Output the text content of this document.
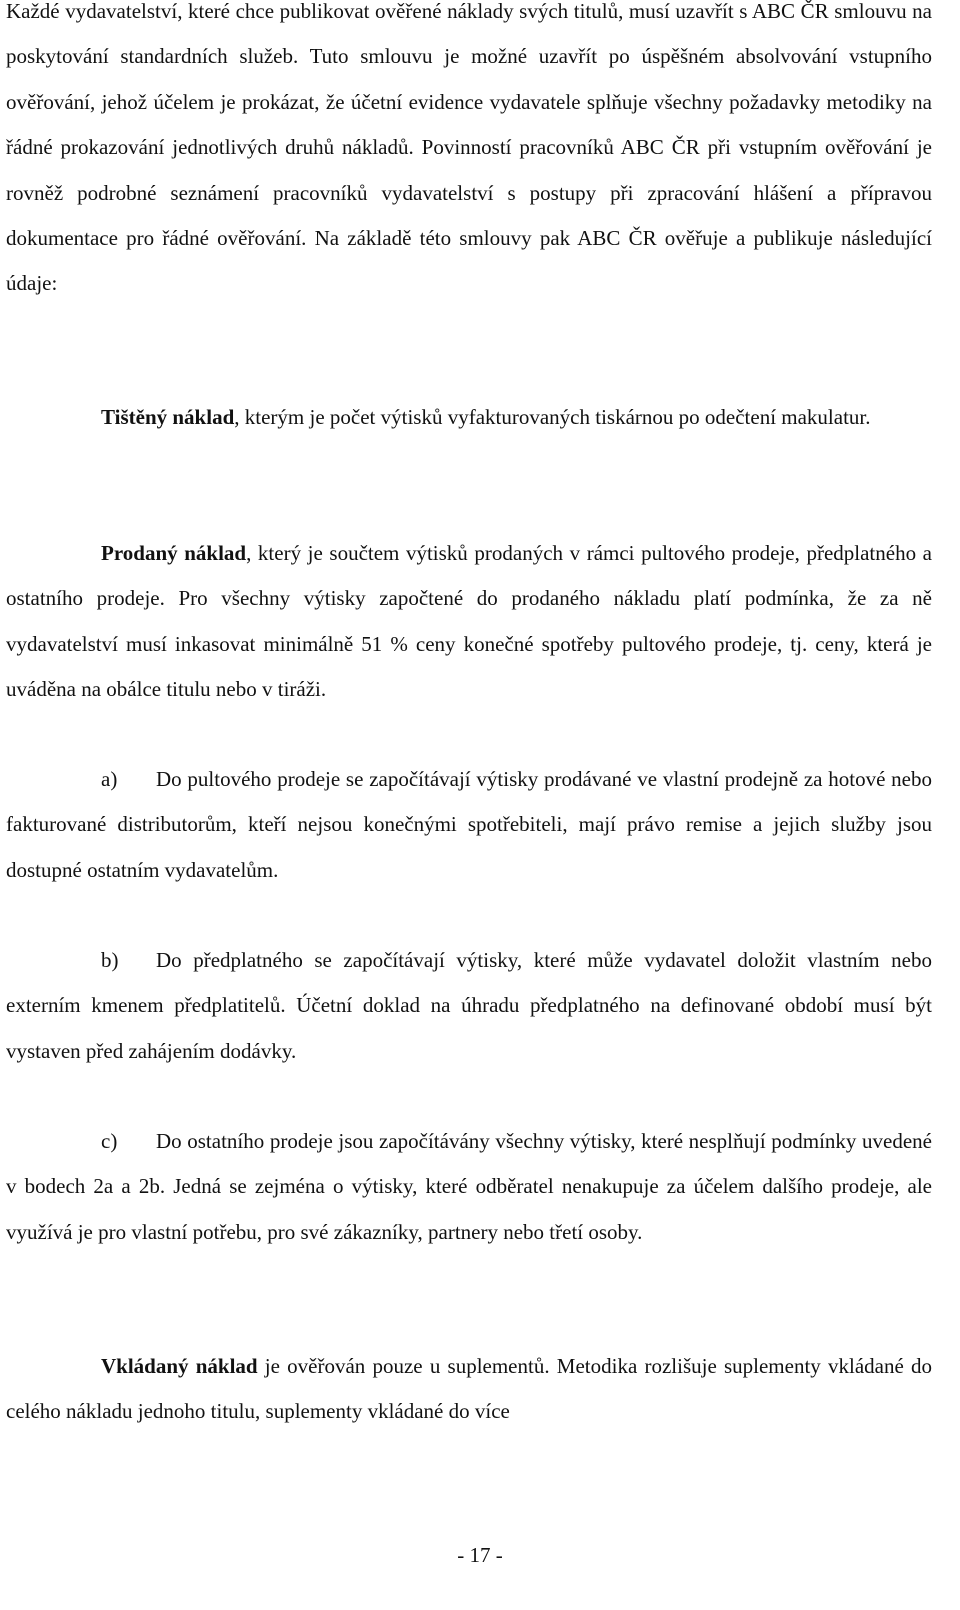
Každé vydavatelství, které chce publikovat ověřené náklady svých titulů, musí uzavřít s ABC ČR smlouvu na poskytování standardních služeb. Tuto smlouvu je možné uzavřít po úspěšném absolvování vstupního ověřování, jehož účelem je prokázat, že účetní evidence vydavatele splňuje všechny požadavky metodiky na řádné prokazování jednotlivých druhů nákladů. Povinností pracovníků ABC ČR při vstupním ověřování je rovněž podrobné seznámení pracovníků vydavatelství s postupy při zpracování hlášení a přípravou dokumentace pro řádné ověřování. Na základě této smlouvy pak ABC ČR ověřuje a publikuje následující údaje:

Tištěný náklad, kterým je počet výtisků vyfakturovaných tiskárnou po odečtení makulatur.

Prodaný náklad, který je součtem výtisků prodaných v rámci pultového prodeje, předplatného a ostatního prodeje. Pro všechny výtisky započtené do prodaného nákladu platí podmínka, že za ně vydavatelství musí inkasovat minimálně 51 % ceny konečné spotřeby pultového prodeje, tj. ceny, která je uváděna na obálce titulu nebo v tiráži.

a) Do pultového prodeje se započítávají výtisky prodávané ve vlastní prodejně za hotové nebo fakturované distributorům, kteří nejsou konečnými spotřebiteli, mají právo remise a jejich služby jsou dostupné ostatním vydavatelům.

b) Do předplatného se započítávají výtisky, které může vydavatel doložit vlastním nebo externím kmenem předplatitelů. Účetní doklad na úhradu předplatného na definované období musí být vystaven před zahájením dodávky.

c) Do ostatního prodeje jsou započítávány všechny výtisky, které nesplňují podmínky uvedené v bodech 2a a 2b. Jedná se zejména o výtisky, které odběratel nenakupuje za účelem dalšího prodeje, ale využívá je pro vlastní potřebu, pro své zákazníky, partnery nebo třetí osoby.

Vkládaný náklad je ověřován pouze u suplementů. Metodika rozlišuje suplementy vkládané do celého nákladu jednoho titulu, suplementy vkládané do více

- 17 -
